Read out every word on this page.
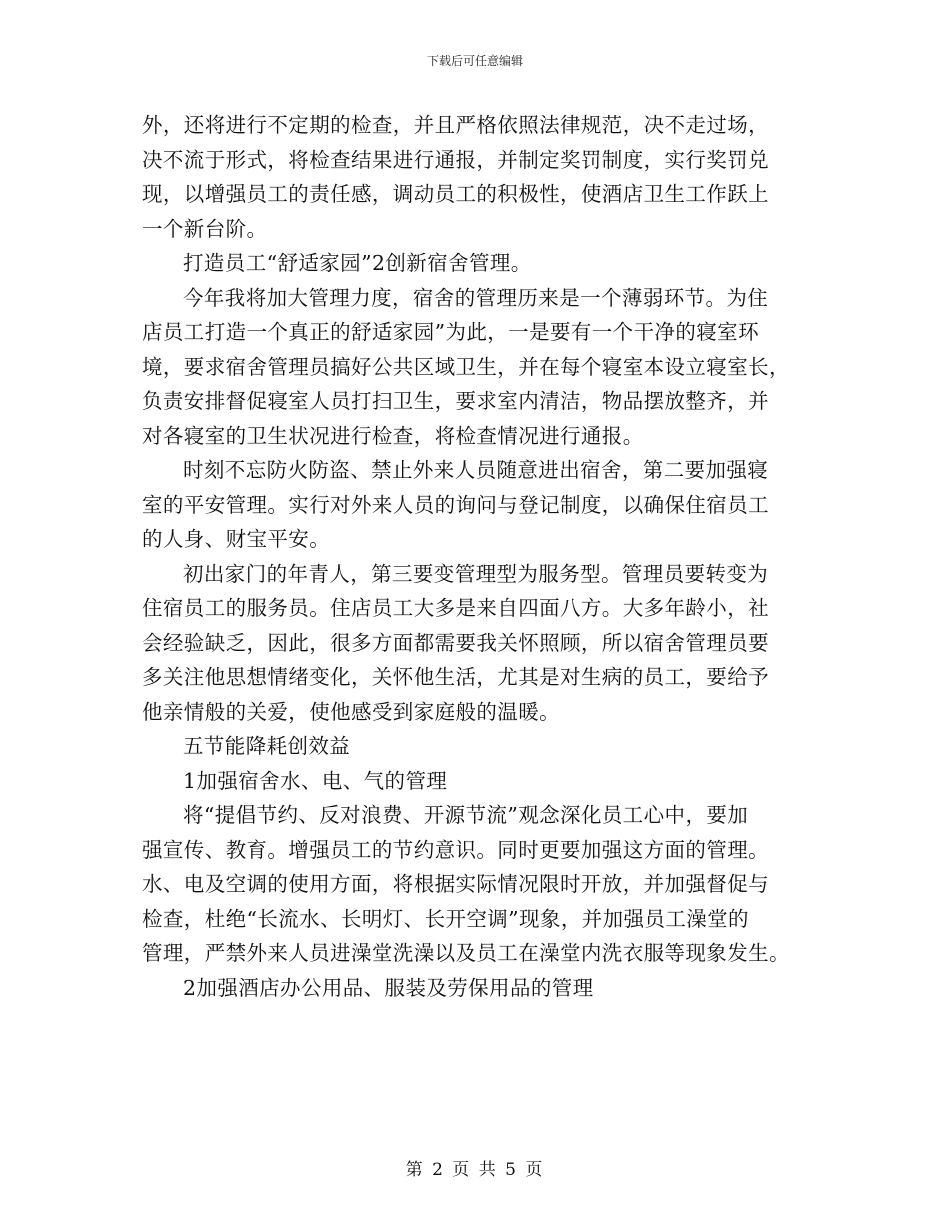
下载后可任意编辑

外，还将进行不定期的检查，并且严格依照法律规范，决不走过场，
决不流于形式，将检查结果进行通报，并制定奖罚制度，实行奖罚兑
现，以增强员工的责任感，调动员工的积极性，使酒店卫生工作跃上
一个新台阶。

打造员工“舒适家园”2创新宿舍管理。

今年我将加大管理力度，宿舍的管理历来是一个薄弱环节。为住
店员工打造一个真正的舒适家园”为此，一是要有一个干净的寝室环
境，要求宿舍管理员搞好公共区域卫生，并在每个寝室本设立寝室长，
负责安排督促寝室人员打扫卫生，要求室内清洁，物品摆放整齐，并
对各寝室的卫生状况进行检查，将检查情况进行通报。

时刻不忘防火防盗、禁止外来人员随意进出宿舍，第二要加强寝
室的平安管理。实行对外来人员的询问与登记制度，以确保住宿员工
的人身、财宝平安。

初出家门的年青人，第三要变管理型为服务型。管理员要转变为
住宿员工的服务员。住店员工大多是来自四面八方。大多年龄小，社
会经验缺乏，因此，很多方面都需要我关怀照顾，所以宿舍管理员要
多关注他思想情绪变化，关怀他生活，尤其是对生病的员工，要给予
他亲情般的关爱，使他感受到家庭般的温暖。

五节能降耗创效益

1加强宿舍水、电、气的管理

将“提倡节约、反对浪费、开源节流”观念深化员工心中，要加
强宣传、教育。增强员工的节约意识。同时更要加强这方面的管理。
水、电及空调的使用方面，将根据实际情况限时开放，并加强督促与
检查，杜绝“长流水、长明灯、长开空调”现象，并加强员工澡堂的
管理，严禁外来人员进澡堂洗澡以及员工在澡堂内洗衣服等现象发生。

2加强酒店办公用品、服装及劳保用品的管理

第 2 页 共 5 页
